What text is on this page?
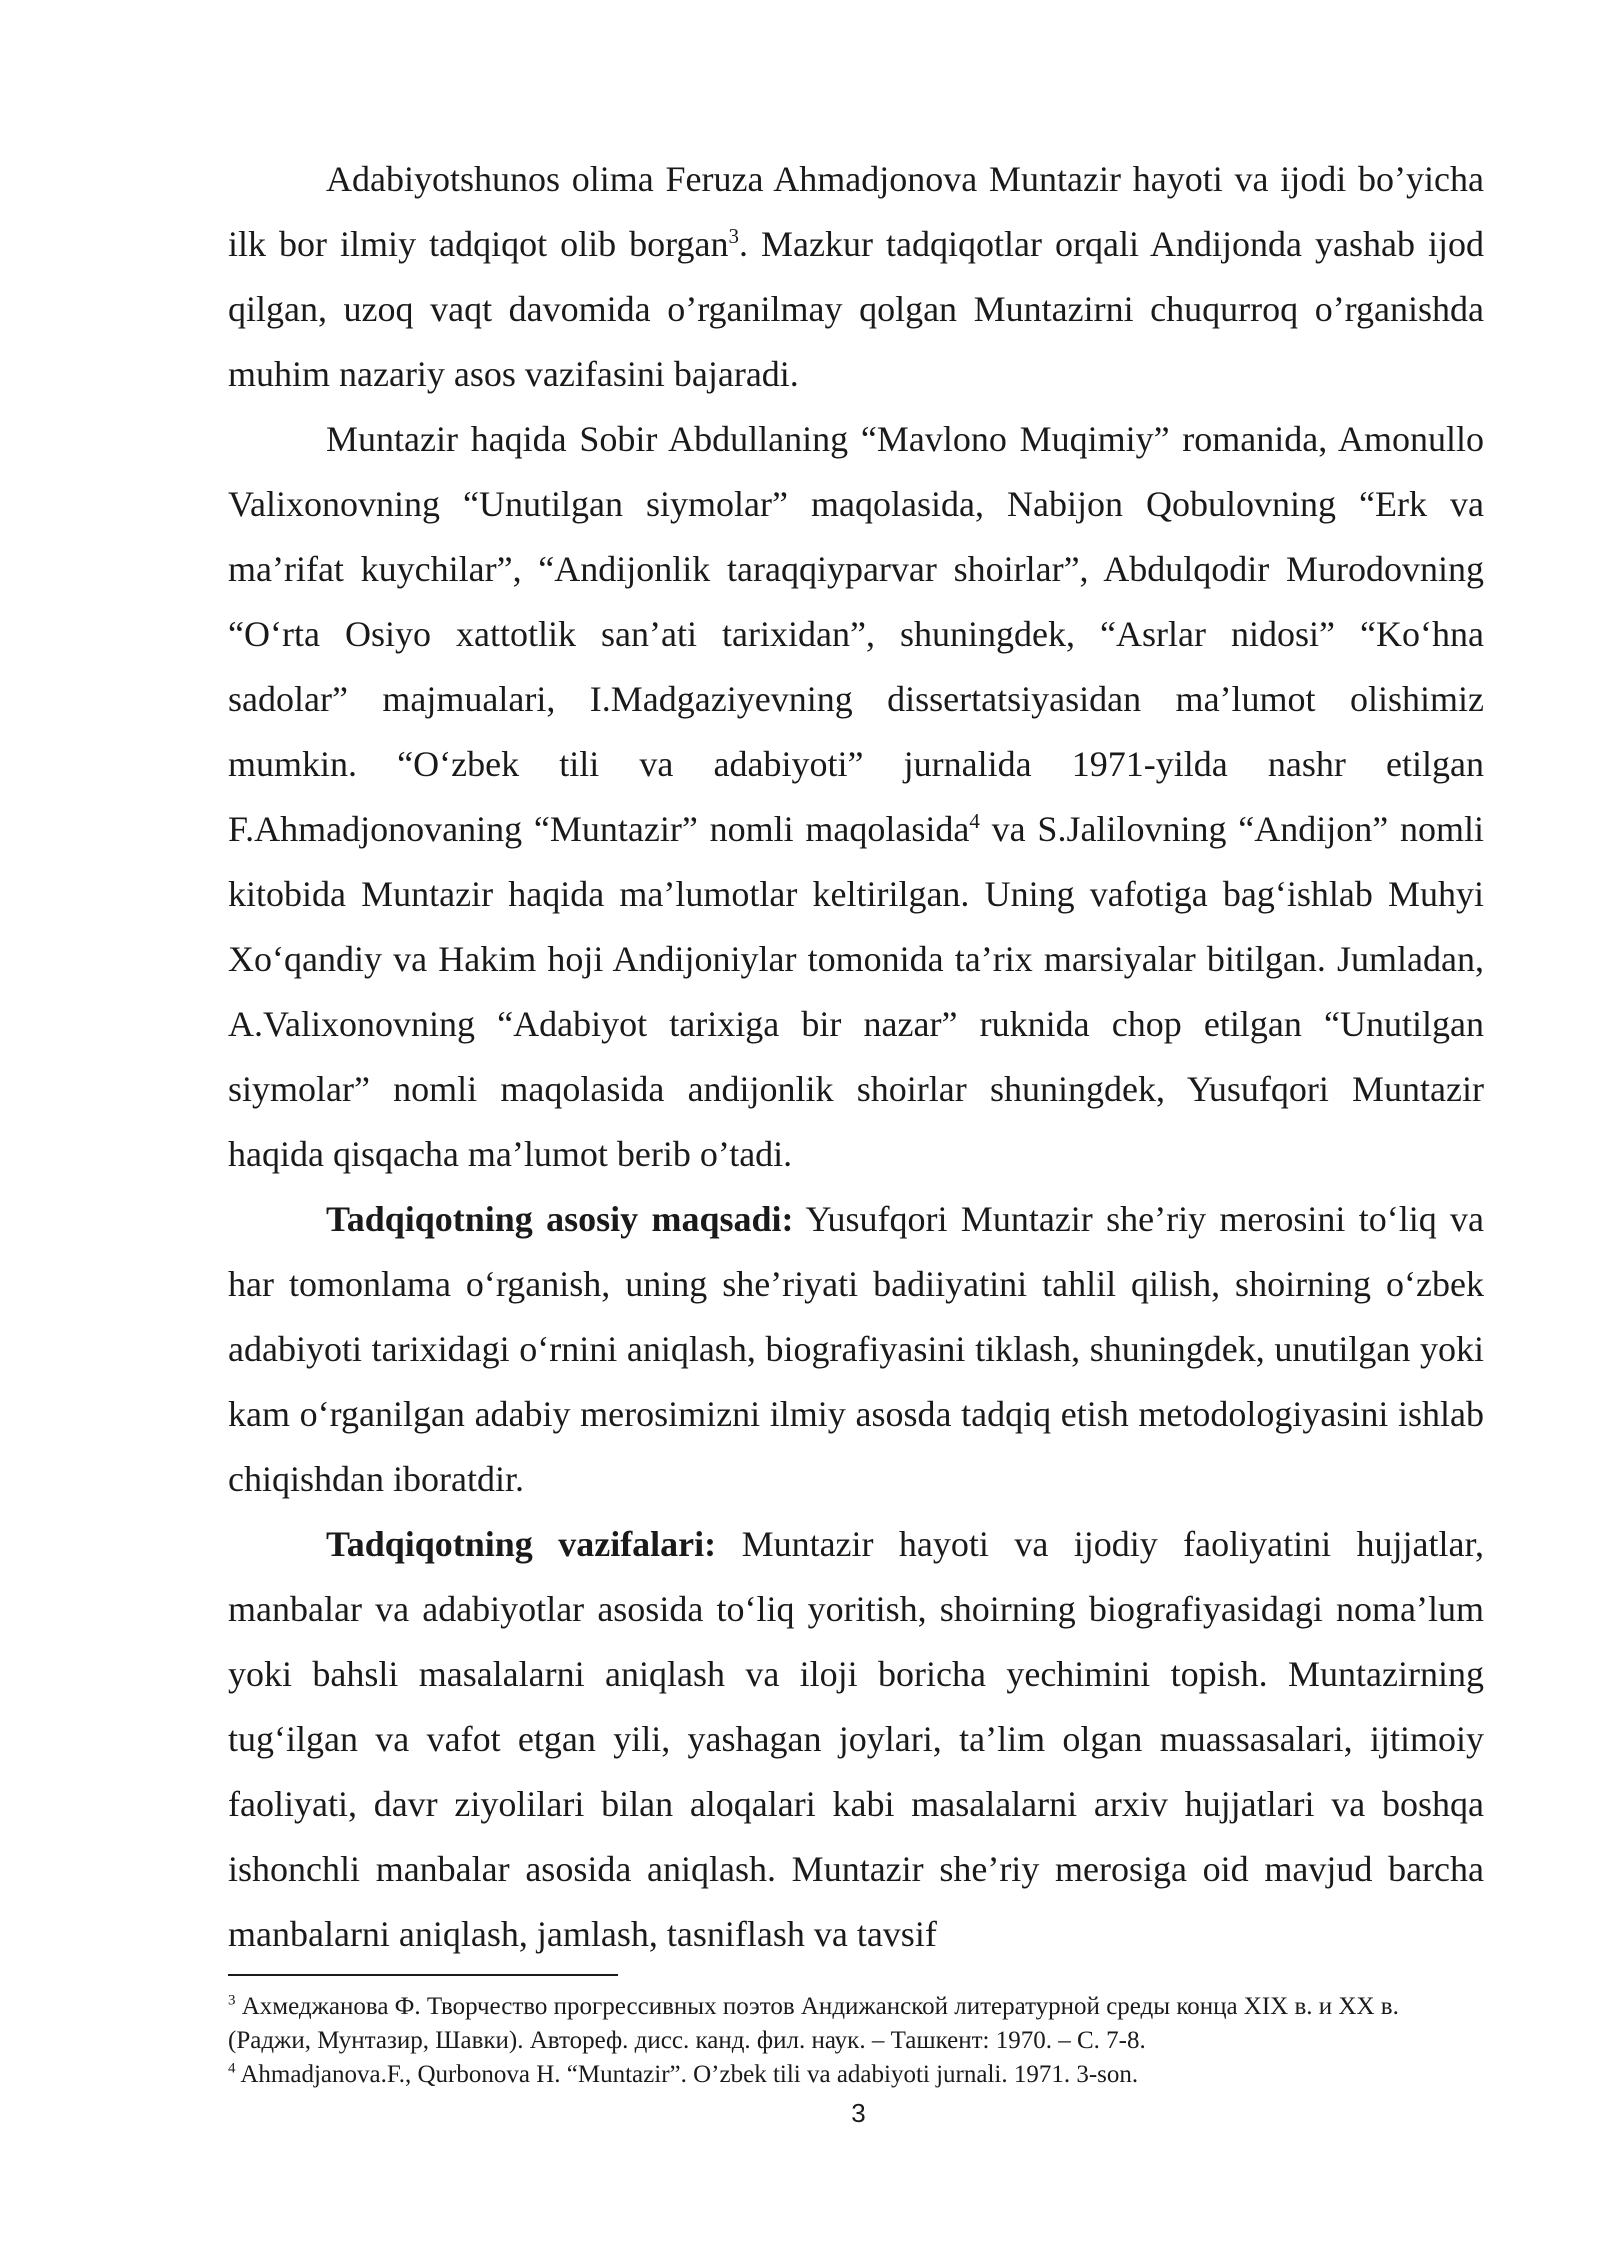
Adabiyotshunos olima Feruza Ahmadjonova Muntazir hayoti va ijodi bo’yicha ilk bor ilmiy tadqiqot olib borgan$^3$. Mazkur tadqiqotlar orqali Andijonda yashab ijod qilgan, uzoq vaqt davomida o’rganilmay qolgan Muntazirni chuqurroq o’rganishda muhim nazariy asos vazifasini bajaradi.

Muntazir haqida Sobir Abdullaning “Mavlono Muqimiy” romanida, Amonullo Valixonovning “Unutilgan siymolar” maqolasida, Nabijon Qobulovning “Erk va ma’rifat kuychilar”, “Andijonlik taraqqiyparvar shoirlar”, Abdulqodir Murodovning “O‘rta Osiyo xattotlik san’ati tarixidan”, shuningdek, “Asrlar nidosi” “Ko‘hna sadolar” majmualari, I.Madgaziyevning dissertatsiyasidan ma’lumot olishimiz mumkin. “O‘zbek tili va adabiyoti” jurnalida 1971-yilda nashr etilgan F.Ahmadjonovaning “Muntazir” nomli maqolasida$^4$ va S.Jalilovning “Andijon” nomli kitobida Muntazir haqida ma’lumotlar keltirilgan. Uning vafotiga bag‘ishlab Muhyi Xo‘qandiy va Hakim hoji Andijoniylar tomonida ta’rix marsiyalar bitilgan. Jumladan, A.Valixonovning “Adabiyot tarixiga bir nazar” ruknida chop etilgan “Unutilgan siymolar” nomli maqolasida andijonlik shoirlar shuningdek, Yusufqori Muntazir haqida qisqacha ma’lumot berib o’tadi.

Tadqiqotning asosiy maqsadi: Yusufqori Muntazir she’riy merosini to‘liq va har tomonlama o‘rganish, uning she’riyati badiiyatini tahlil qilish, shoirning o‘zbek adabiyoti tarixidagi o‘rnini aniqlash, biografiyasini tiklash, shuningdek, unutilgan yoki kam o‘rganilgan adabiy merosimizni ilmiy asosda tadqiq etish metodologiyasini ishlab chiqishdan iboratdir.

Tadqiqotning vazifalari: Muntazir hayoti va ijodiy faoliyatini hujjatlar, manbalar va adabiyotlar asosida to‘liq yoritish, shoirning biografiyasidagi noma’lum yoki bahsli masalalarni aniqlash va iloji boricha yechimini topish. Muntazirning tug‘ilgan va vafot etgan yili, yashagan joylari, ta’lim olgan muassasalari, ijtimoiy faoliyati, davr ziyolilari bilan aloqalari kabi masalalarni arxiv hujjatlari va boshqa ishonchli manbalar asosida aniqlash. Muntazir she’riy merosiga oid mavjud barcha manbalarni aniqlash, jamlash, tasniflash va tavsif

$^3$ Ахмеджанова Ф. Творчество прогрессивных поэтов Андижанской литературной среды конца XIX в. и XX в. (Раджи, Мунтазир, Шавки). Автореф. дисс. канд. фил. наук. – Ташкент: 1970. – С. 7-8.

$^4$ Ahmadjanova.F., Qurbonova H. “Muntazir”. O’zbek tili va adabiyoti jurnali. 1971. 3-son.

3
